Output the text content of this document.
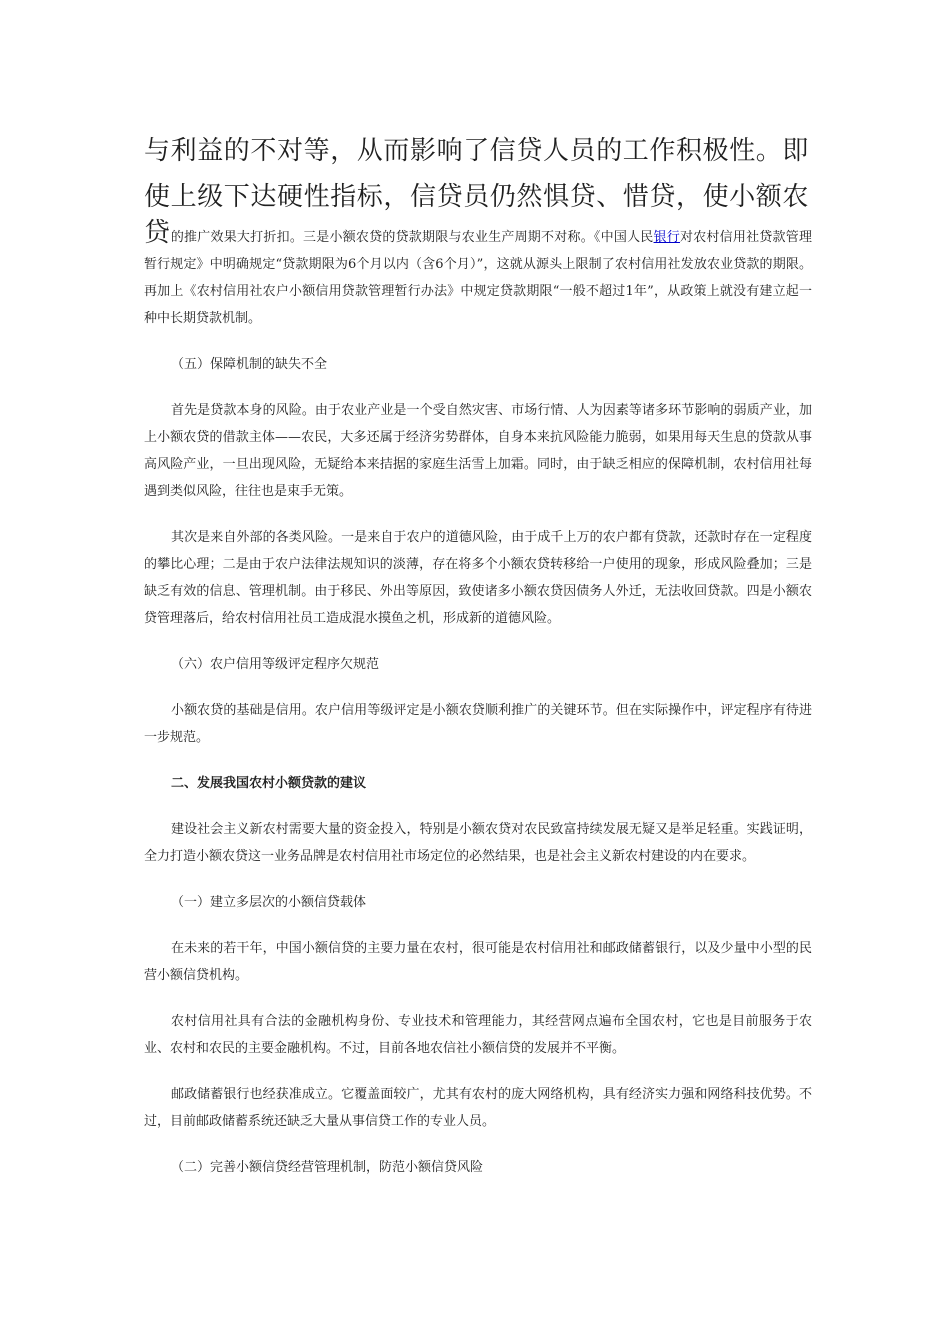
与利益的不对等，从而影响了信贷人员的工作积极性。即

使上级下达硬性指标，信贷员仍然惧贷、惜贷，使小额农

贷的推广效果大打折扣。三是小额农贷的贷款期限与农业生产周期不对称。《中国人民银行对农村信用社贷款管理暂行规定》中明确规定“贷款期限为6个月以内（含6个月）”，这就从源头上限制了农村信用社发放农业贷款的期限。再加上《农村信用社农户小额信用贷款管理暂行办法》中规定贷款期限“一般不超过1年”，从政策上就没有建立起一种中长期贷款机制。

（五）保障机制的缺失不全

首先是贷款本身的风险。由于农业产业是一个受自然灾害、市场行情、人为因素等诸多环节影响的弱质产业，加上小额农贷的借款主体——农民，大多还属于经济劣势群体，自身本来抗风险能力脆弱，如果用每天生息的贷款从事高风险产业，一旦出现风险，无疑给本来拮据的家庭生活雪上加霜。同时，由于缺乏相应的保障机制，农村信用社每遇到类似风险，往往也是束手无策。

其次是来自外部的各类风险。一是来自于农户的道德风险，由于成千上万的农户都有贷款，还款时存在一定程度的攀比心理；二是由于农户法律法规知识的淡薄，存在将多个小额农贷转移给一户使用的现象，形成风险叠加；三是缺乏有效的信息、管理机制。由于移民、外出等原因，致使诸多小额农贷因债务人外迁，无法收回贷款。四是小额农贷管理落后，给农村信用社员工造成混水摸鱼之机，形成新的道德风险。

（六）农户信用等级评定程序欠规范

小额农贷的基础是信用。农户信用等级评定是小额农贷顺利推广的关键环节。但在实际操作中，评定程序有待进一步规范。

二、发展我国农村小额贷款的建议

建设社会主义新农村需要大量的资金投入，特别是小额农贷对农民致富持续发展无疑又是举足轻重。实践证明，全力打造小额农贷这一业务品牌是农村信用社市场定位的必然结果，也是社会主义新农村建设的内在要求。

（一）建立多层次的小额信贷载体

在未来的若干年，中国小额信贷的主要力量在农村，很可能是农村信用社和邮政储蓄银行，以及少量中小型的民营小额信贷机构。

农村信用社具有合法的金融机构身份、专业技术和管理能力，其经营网点遍布全国农村，它也是目前服务于农业、农村和农民的主要金融机构。不过，目前各地农信社小额信贷的发展并不平衡。

邮政储蓄银行也经获准成立。它覆盖面较广，尤其有农村的庞大网络机构，具有经济实力强和网络科技优势。不过，目前邮政储蓄系统还缺乏大量从事信贷工作的专业人员。

（二）完善小额信贷经营管理机制，防范小额信贷风险
